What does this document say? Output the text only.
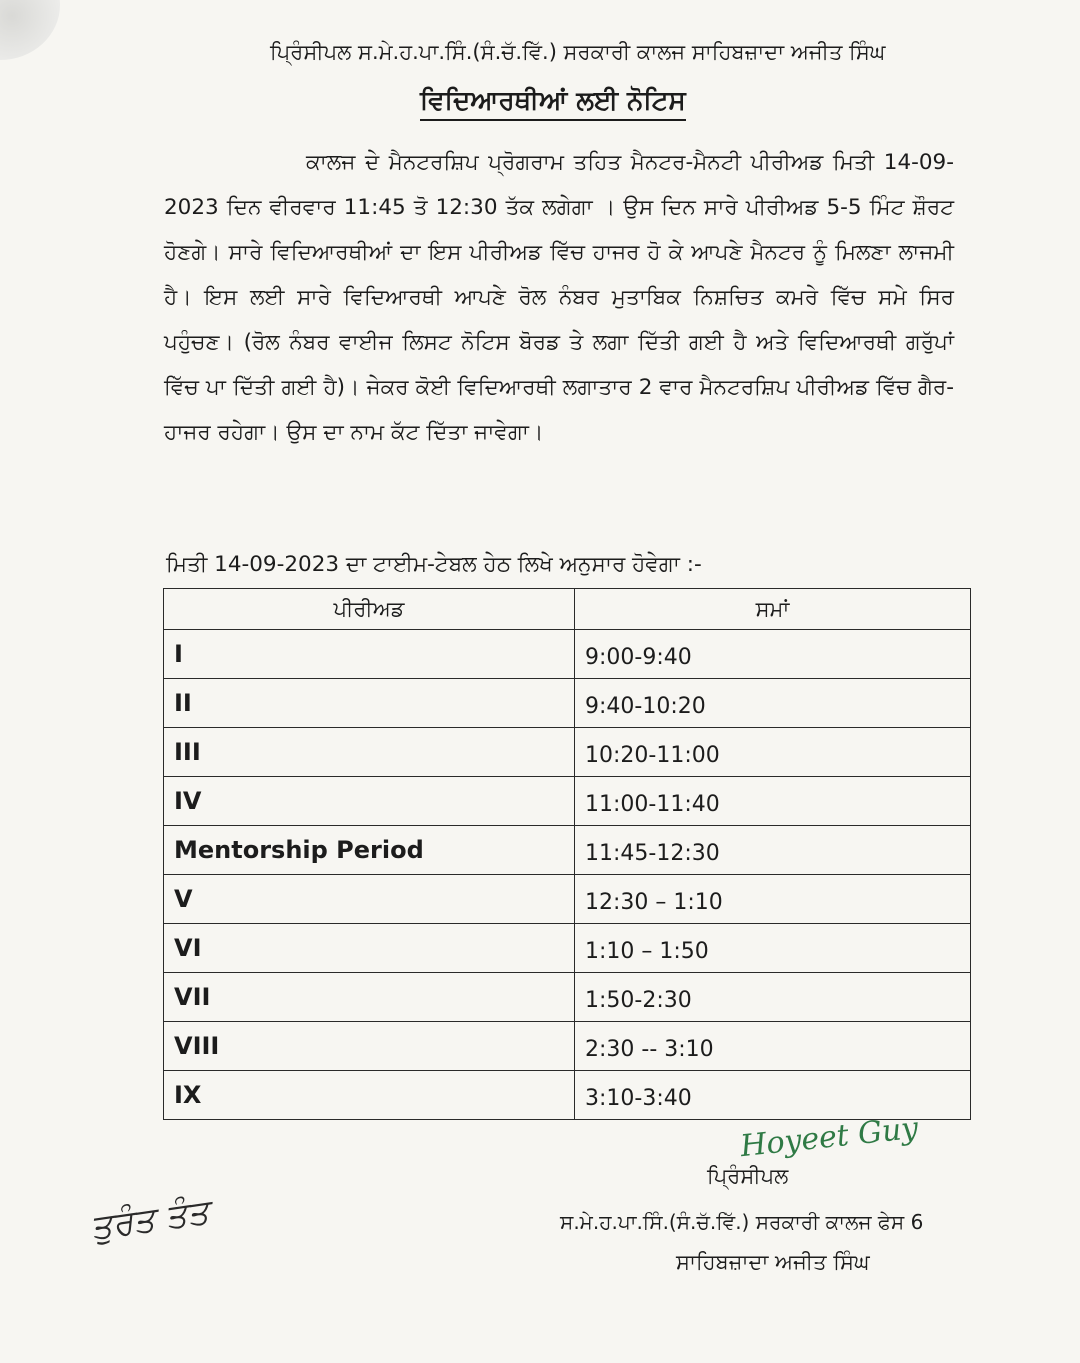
ਪ੍ਰਿੰਸੀਪਲ ਸ.ਮੇ.ਹ.ਪਾ.ਸਿੰ.(ਸੰ.ਚੱ.ਵਿੱ.) ਸਰਕਾਰੀ ਕਾਲਜ ਸਾਹਿਬਜ਼ਾਦਾ ਅਜੀਤ ਸਿੰਘ
ਵਿਦਿਆਰਥੀਆਂ ਲਈ ਨੋਟਿਸ
ਕਾਲਜ ਦੇ ਮੈਨਟਰਸ਼ਿਪ ਪ੍ਰੋਗਰਾਮ ਤਹਿਤ ਮੈਨਟਰ-ਮੈਨਟੀ ਪੀਰੀਅਡ ਮਿਤੀ 14-09-2023 ਦਿਨ ਵੀਰਵਾਰ 11:45 ਤੋ 12:30 ਤੱਕ ਲਗੇਗਾ । ਉਸ ਦਿਨ ਸਾਰੇ ਪੀਰੀਅਡ 5-5 ਮਿੰਟ ਸ਼ੌਰਟ ਹੋਣਗੇ। ਸਾਰੇ ਵਿਦਿਆਰਥੀਆਂ ਦਾ ਇਸ ਪੀਰੀਅਡ ਵਿੱਚ ਹਾਜਰ ਹੋ ਕੇ ਆਪਣੇ ਮੈਨਟਰ ਨੂੰ ਮਿਲਣਾ ਲਾਜਮੀ ਹੈ। ਇਸ ਲਈ ਸਾਰੇ ਵਿਦਿਆਰਥੀ ਆਪਣੇ ਰੋਲ ਨੰਬਰ ਮੁਤਾਬਿਕ ਨਿਸ਼ਚਿਤ ਕਮਰੇ ਵਿੱਚ ਸਮੇ ਸਿਰ ਪਹੁੰਚਣ। (ਰੋਲ ਨੰਬਰ ਵਾਈਜ ਲਿਸਟ ਨੋਟਿਸ ਬੋਰਡ ਤੇ ਲਗਾ ਦਿੱਤੀ ਗਈ ਹੈ ਅਤੇ ਵਿਦਿਆਰਥੀ ਗਰੁੱਪਾਂ ਵਿੱਚ ਪਾ ਦਿੱਤੀ ਗਈ ਹੈ)। ਜੇਕਰ ਕੋਈ ਵਿਦਿਆਰਥੀ ਲਗਾਤਾਰ 2 ਵਾਰ ਮੈਨਟਰਸ਼ਿਪ ਪੀਰੀਅਡ ਵਿੱਚ ਗੈਰ-ਹਾਜਰ ਰਹੇਗਾ। ਉਸ ਦਾ ਨਾਮ ਕੱਟ ਦਿੱਤਾ ਜਾਵੇਗਾ।
ਮਿਤੀ 14-09-2023 ਦਾ ਟਾਈਮ-ਟੇਬਲ ਹੇਠ ਲਿਖੇ ਅਨੁਸਾਰ ਹੋਵੇਗਾ :-
ਪੀਰੀਅਡ	ਸਮਾਂ
I	9:00-9:40
II	9:40-10:20
III	10:20-11:00
IV	11:00-11:40
Mentorship Period	11:45-12:30
V	12:30 – 1:10
VI	1:10 – 1:50
VII	1:50-2:30
VIII	2:30 -- 3:10
IX	3:10-3:40
Hoyeet Guy
ਪ੍ਰਿੰਸੀਪਲ
ਸ.ਮੇ.ਹ.ਪਾ.ਸਿੰ.(ਸੰ.ਚੱ.ਵਿੱ.) ਸਰਕਾਰੀ ਕਾਲਜ ਫੇਸ 6
ਸਾਹਿਬਜ਼ਾਦਾ ਅਜੀਤ ਸਿੰਘ
ਤੁਰੰਤ ਤੰਤ
